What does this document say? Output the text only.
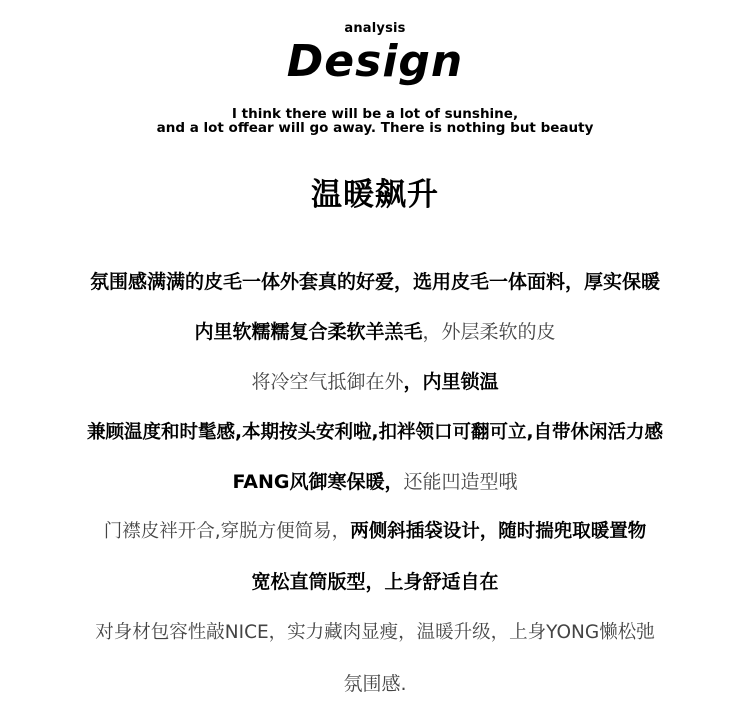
analysis
Design
I think there will be a lot of sunshine,
and a lot offear will go away. There is nothing but beauty
温暖飙升
氛围感满满的皮毛一体外套真的好爱，选用皮毛一体面料，厚实保暖
内里软糯糯复合柔软羊羔毛，外层柔软的皮
将冷空气抵御在外，内里锁温
兼顾温度和时髦感,本期按头安利啦,扣袢领口可翻可立,自带休闲活力感
FANG风御寒保暖，还能凹造型哦
门襟皮袢开合,穿脱方便简易，两侧斜插袋设计，随时揣兜取暖置物
宽松直筒版型，上身舒适自在
对身材包容性敲NICE，实力藏肉显瘦，温暖升级，上身YONG懒松弛
氛围感.
